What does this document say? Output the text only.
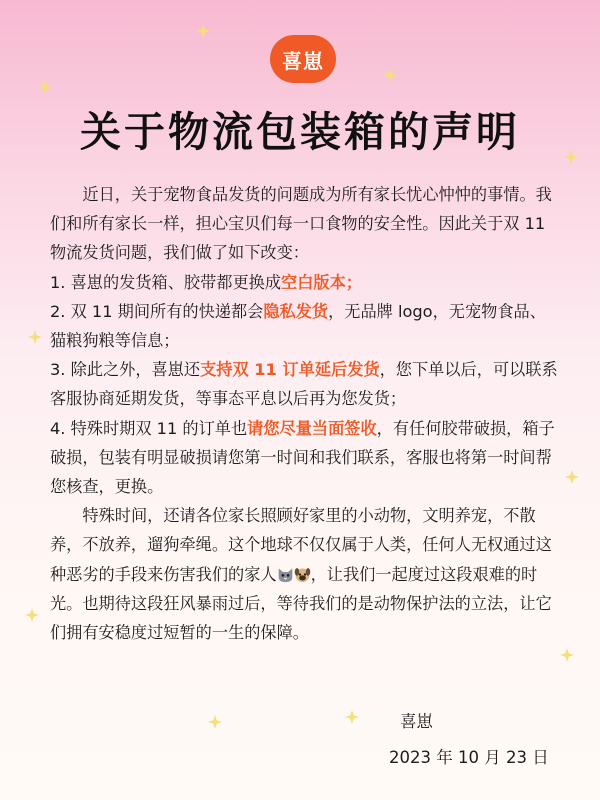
喜崽
关于物流包装箱的声明

近日，关于宠物食品发货的问题成为所有家长忧心忡忡的事情。我们和所有家长一样，担心宝贝们每一口食物的安全性。因此关于双 11 物流发货问题，我们做了如下改变：

1. 喜崽的发货箱、胶带都更换成空白版本；

2. 双 11 期间所有的快递都会隐私发货，无品牌 logo，无宠物食品、猫粮狗粮等信息；

3. 除此之外，喜崽还支持双 11 订单延后发货，您下单以后，可以联系客服协商延期发货，等事态平息以后再为您发货；

4. 特殊时期双 11 的订单也请您尽量当面签收，有任何胶带破损，箱子破损，包装有明显破损请您第一时间和我们联系，客服也将第一时间帮您核查，更换。

特殊时间，还请各位家长照顾好家里的小动物，文明养宠，不散养，不放养，遛狗牵绳。这个地球不仅仅属于人类，任何人无权通过这种恶劣的手段来伤害我们的家人 ，让我们一起度过这段艰难的时光。也期待这段狂风暴雨过后，等待我们的是动物保护法的立法，让它们拥有安稳度过短暂的一生的保障。

喜崽
2023 年 10 月 23 日
